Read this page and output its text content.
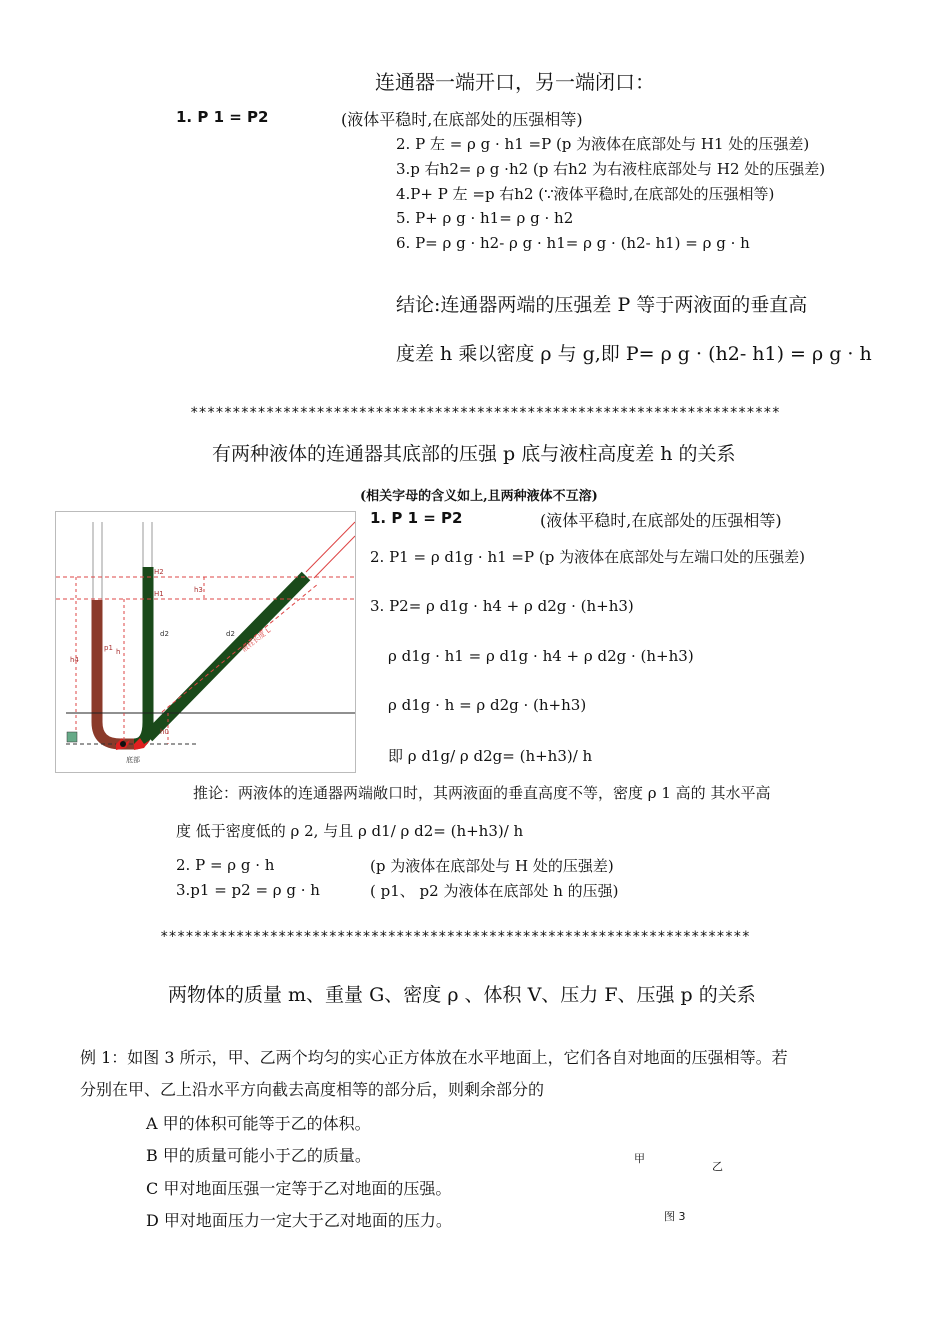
连通器一端开口，另一端闭口：
1. P 1 = P2	(液体平稳时,在底部处的压强相等)
2. P 左 = ρ g · h1 =P (p 为液体在底部处与 H1 处的压强差)
3.p 右h2= ρ g ·h2 (p 右h2 为右液柱底部处与 H2 处的压强差)
4.P+ P 左 =p 右h2 (∵液体平稳时,在底部处的压强相等)
5. P+ ρ g · h1= ρ g · h2
6. P= ρ g · h2- ρ g · h1= ρ g · (h2- h1) = ρ g · h
结论:连通器两端的压强差 P 等于两液面的垂直高
度差 h 乘以密度 ρ 与 g,即 P= ρ g · (h2- h1) = ρ g · h
**********************************************************************
有两种液体的连通器其底部的压强 p 底与液柱高度差 h 的关系
(相关字母的含义如上,且两种液体不互溶)
1. P 1 = P2	(液体平稳时,在底部处的压强相等)
2. P1 = ρ d1g · h1 =P (p 为液体在底部处与左端口处的压强差)
3. P2= ρ d1g · h4 + ρ d2g · (h+h3)
ρ d1g · h1 = ρ d1g · h4 + ρ d2g · (h+h3)
ρ d1g · h = ρ d2g · (h+h3)
即 ρ d1g/ ρ d2g= (h+h3)/ h
H2
H1
p1 h
d2	d2 液柱长度 L
h3
h4
h0
底部
推论：两液体的连通器两端敞口时，其两液面的垂直高度不等，密度 ρ 1 高的 其水平高
度 低于密度低的 ρ 2, 与且 ρ d1/ ρ d2= (h+h3)/ h
2. P = ρ g · h	(p 为液体在底部处与 H 处的压强差)
3.p1 = p2 = ρ g · h	( p1、 p2 为液体在底部处 h 的压强)
**********************************************************************
两物体的质量 m、重量 G、密度 ρ 、体积 V、压力 F、压强 p 的关系
例 1：如图 3 所示，甲、乙两个均匀的实心正方体放在水平地面上，它们各自对地面的压强相等。若
分别在甲、乙上沿水平方向截去高度相等的部分后，则剩余部分的
A 甲的体积可能等于乙的体积。
B 甲的质量可能小于乙的质量。
C 甲对地面压强一定等于乙对地面的压强。
D 甲对地面压力一定大于乙对地面的压力。
甲
乙
图 3
